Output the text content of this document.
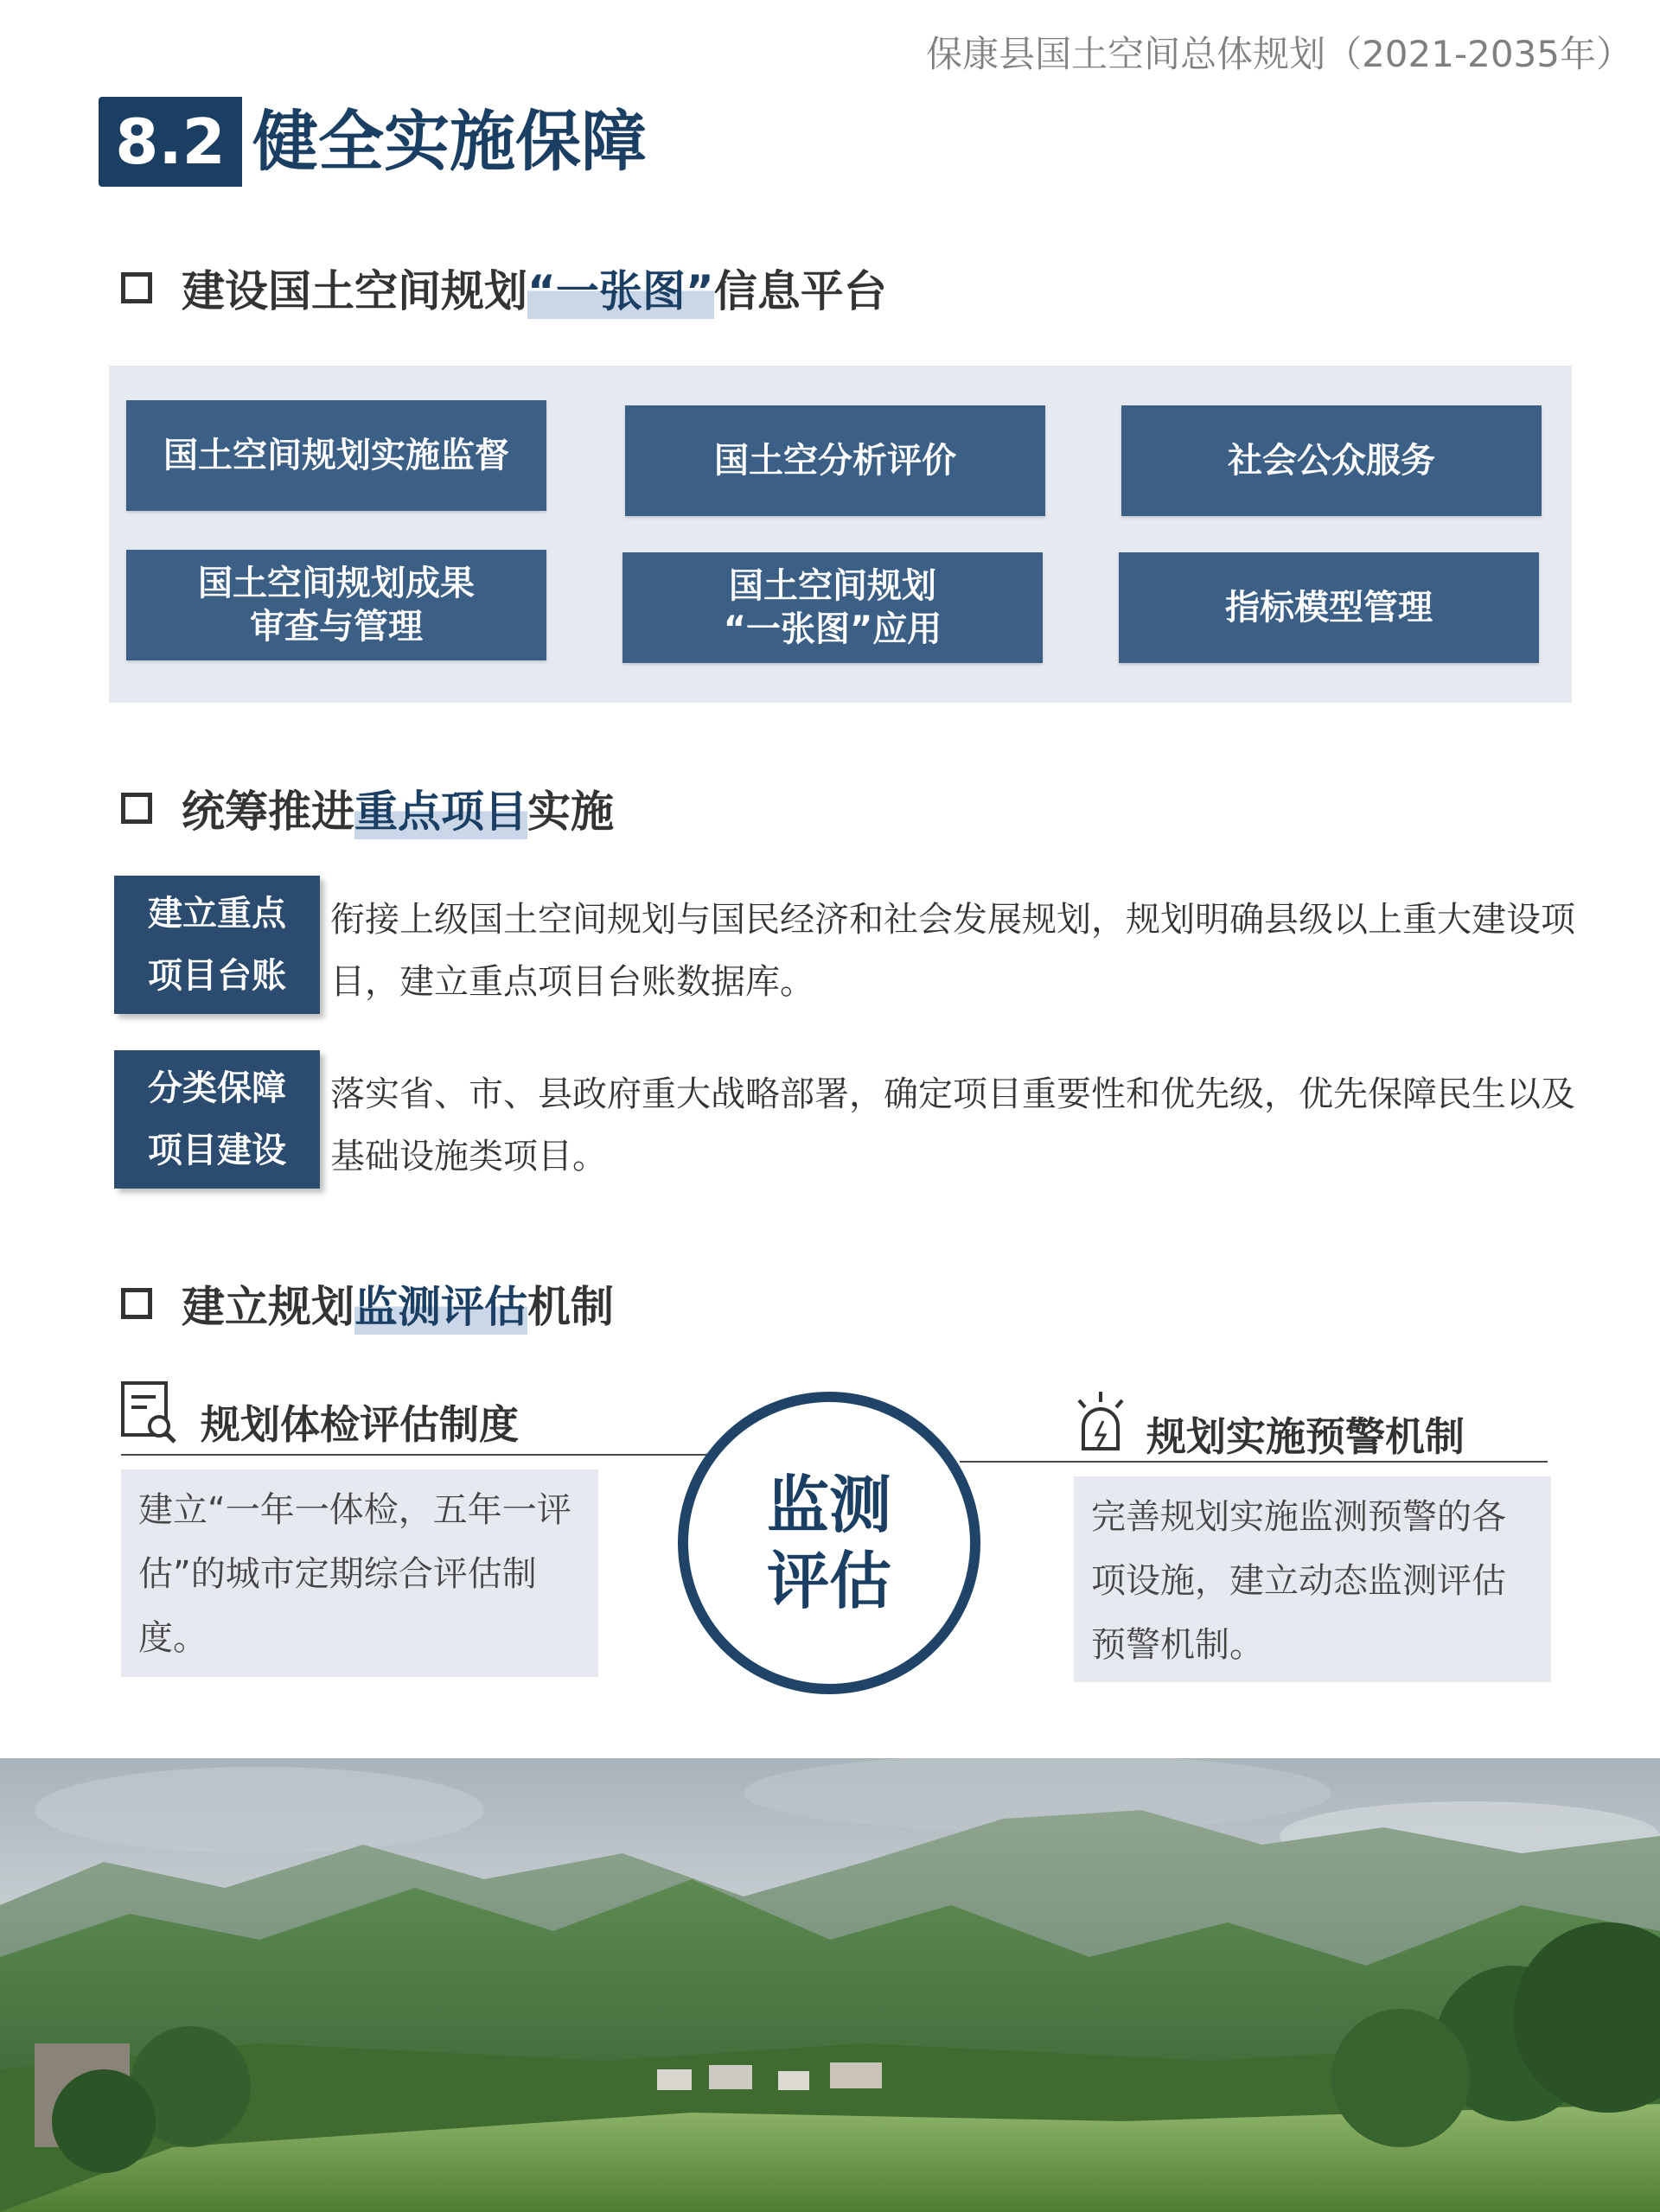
保康县国土空间总体规划（2021-2035年）
8.2 健全实施保障
建设国土空间规划 “一张图” 信息平台
国土空间规划实施监督	国土空分析评价	社会公众服务
国土空间规划成果
审查与管理
国土空间规划
“一张图”应用
指标模型管理
统筹推进 重点项目 实施
建立重点
项目台账
衔接上级国土空间规划与国民经济和社会发展规划，规划明确县级以上重大建设项目，建立重点项目台账数据库。
分类保障
项目建设
落实省、市、县政府重大战略部署，确定项目重要性和优先级，优先保障民生以及基础设施类项目。
建立规划 监测评估 机制
规划体检评估制度
建立“一年一体检，五年一评估”的城市定期综合评估制度。
规划实施预警机制
完善规划实施监测预警的各项设施，建立动态监测评估预警机制。
监测
评估
